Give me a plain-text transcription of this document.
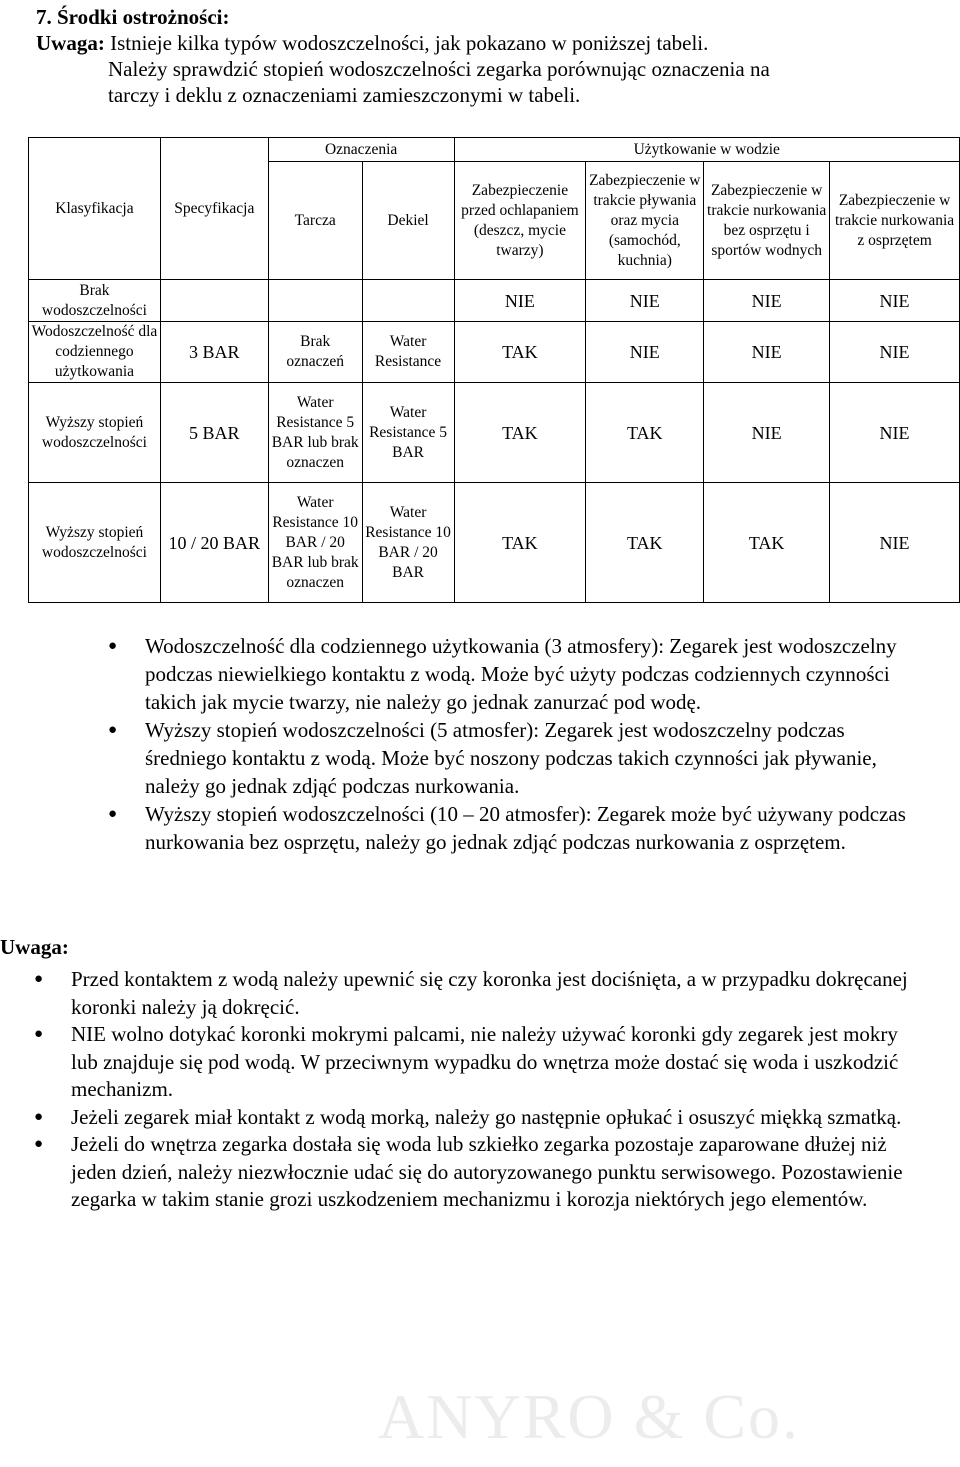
7. Środki ostrożności:
Uwaga: Istnieje kilka typów wodoszczelności, jak pokazano w poniższej tabeli.
Należy sprawdzić stopień wodoszczelności zegarka porównując oznaczenia na
tarczy i deklu z oznaczeniami zamieszczonymi w tabeli.
Klasyfikacja	Specyfikacja	Oznaczenia		Użytkowanie w wodzie			
		Tarcza	Dekiel	Zabezpieczenie przed ochlapaniem (deszcz, mycie twarzy)	Zabezpieczenie w trakcie pływania oraz mycia (samochód, kuchnia)	Zabezpieczenie w trakcie nurkowania bez osprzętu i sportów wodnych	Zabezpieczenie w trakcie nurkowania z osprzętem
Brak wodoszczelności				NIE	NIE	NIE	NIE
Wodoszczelność dla codziennego użytkowania	3 BAR	Brak oznaczeń	Water Resistance	TAK	NIE	NIE	NIE
Wyższy stopień wodoszczelności	5 BAR	Water Resistance 5 BAR lub brak oznaczen	Water Resistance 5 BAR	TAK	TAK	NIE	NIE
Wyższy stopień wodoszczelności	10 / 20 BAR	Water Resistance 10 BAR / 20 BAR lub brak oznaczen	Water Resistance 10 BAR / 20 BAR	TAK	TAK	TAK	NIE
● Wodoszczelność dla codziennego użytkowania (3 atmosfery): Zegarek jest wodoszczelny podczas niewielkiego kontaktu z wodą. Może być użyty podczas codziennych czynności takich jak mycie twarzy, nie należy go jednak zanurzać pod wodę.
● Wyższy stopień wodoszczelności (5 atmosfer): Zegarek jest wodoszczelny podczas średniego kontaktu z wodą. Może być noszony podczas takich czynności jak pływanie, należy go jednak zdjąć podczas nurkowania.
● Wyższy stopień wodoszczelności (10 – 20 atmosfer): Zegarek może być używany podczas nurkowania bez osprzętu, należy go jednak zdjąć podczas nurkowania z osprzętem.
Uwaga:
● Przed kontaktem z wodą należy upewnić się czy koronka jest dociśnięta, a w przypadku dokręcanej koronki należy ją dokręcić.
● NIE wolno dotykać koronki mokrymi palcami, nie należy używać koronki gdy zegarek jest mokry lub znajduje się pod wodą. W przeciwnym wypadku do wnętrza może dostać się woda i uszkodzić mechanizm.
● Jeżeli zegarek miał kontakt z wodą morką, należy go następnie opłukać i osuszyć miękką szmatką.
● Jeżeli do wnętrza zegarka dostała się woda lub szkiełko zegarka pozostaje zaparowane dłużej niż jeden dzień, należy niezwłocznie udać się do autoryzowanego punktu serwisowego. Pozostawienie zegarka w takim stanie grozi uszkodzeniem mechanizmu i korozja niektórych jego elementów.
ANYRO & Co.
